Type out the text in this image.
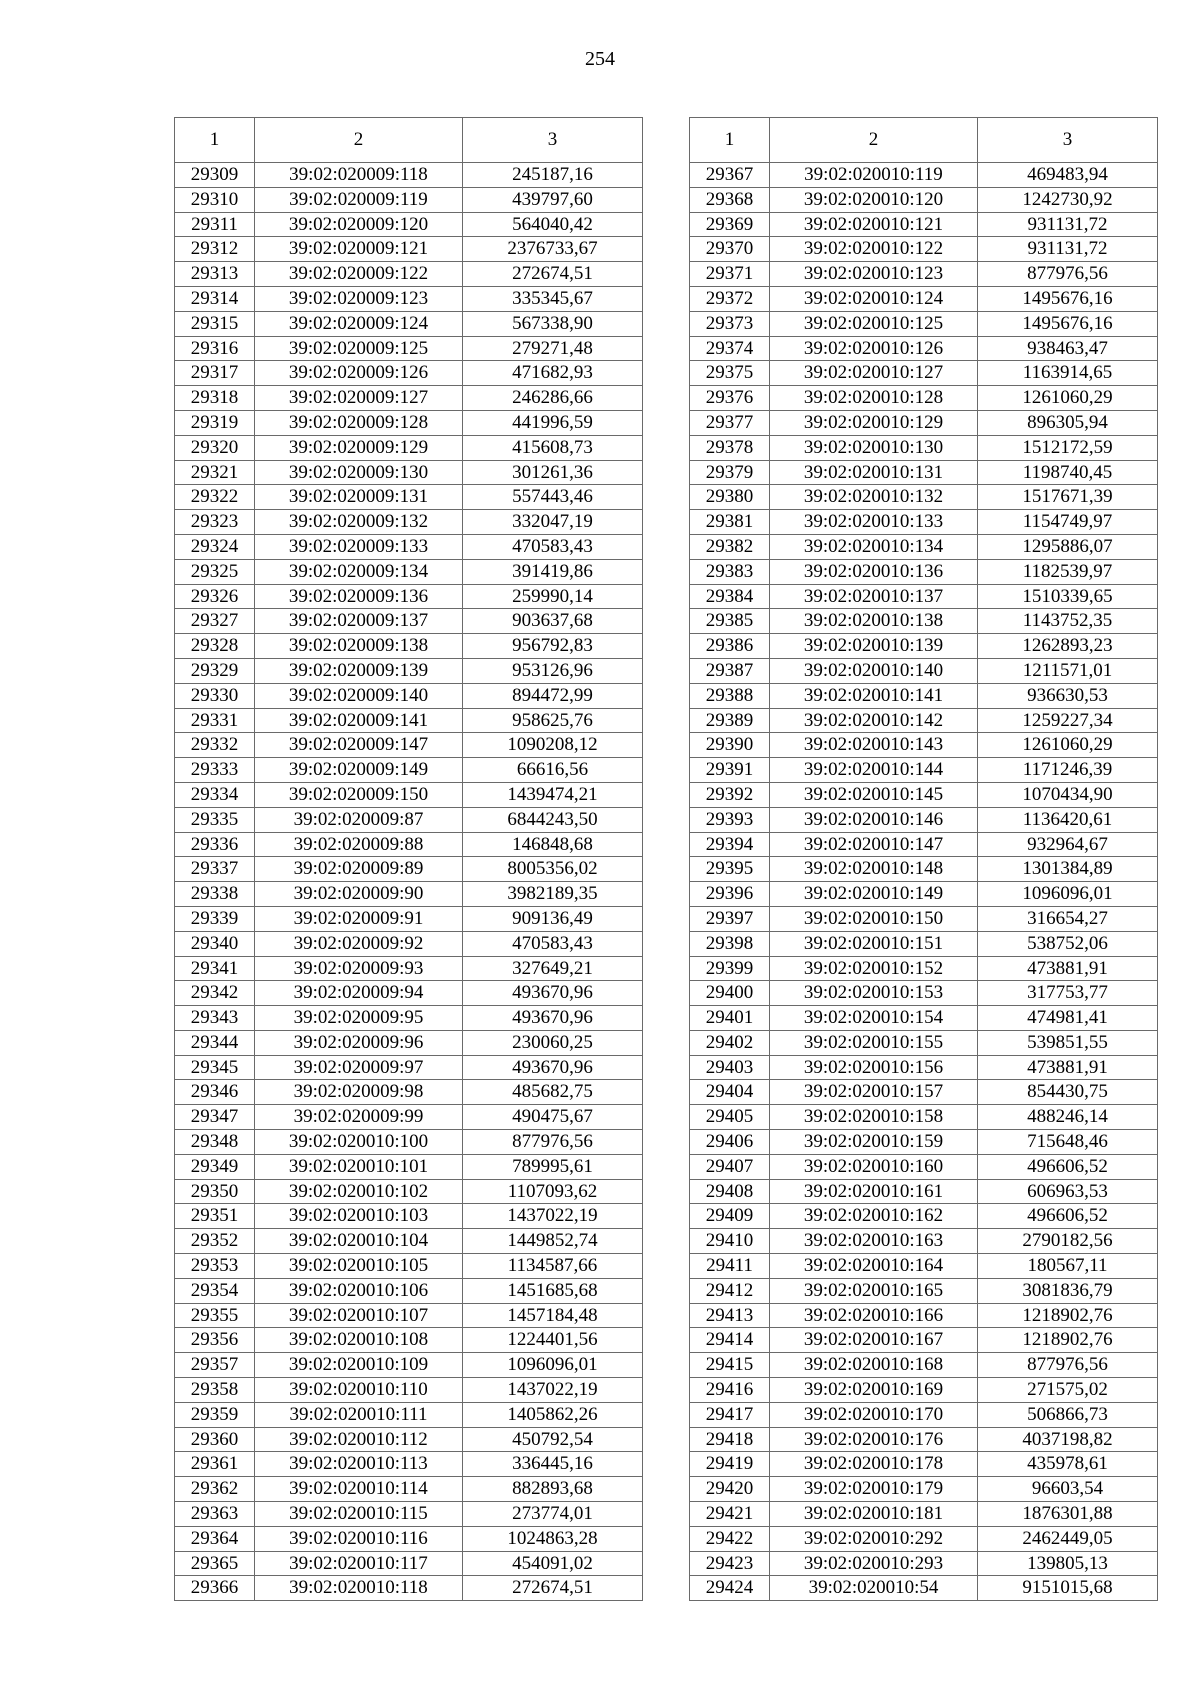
254
1	2	3
29309	39:02:020009:118	245187,16
29310	39:02:020009:119	439797,60
29311	39:02:020009:120	564040,42
29312	39:02:020009:121	2376733,67
29313	39:02:020009:122	272674,51
29314	39:02:020009:123	335345,67
29315	39:02:020009:124	567338,90
29316	39:02:020009:125	279271,48
29317	39:02:020009:126	471682,93
29318	39:02:020009:127	246286,66
29319	39:02:020009:128	441996,59
29320	39:02:020009:129	415608,73
29321	39:02:020009:130	301261,36
29322	39:02:020009:131	557443,46
29323	39:02:020009:132	332047,19
29324	39:02:020009:133	470583,43
29325	39:02:020009:134	391419,86
29326	39:02:020009:136	259990,14
29327	39:02:020009:137	903637,68
29328	39:02:020009:138	956792,83
29329	39:02:020009:139	953126,96
29330	39:02:020009:140	894472,99
29331	39:02:020009:141	958625,76
29332	39:02:020009:147	1090208,12
29333	39:02:020009:149	66616,56
29334	39:02:020009:150	1439474,21
29335	39:02:020009:87	6844243,50
29336	39:02:020009:88	146848,68
29337	39:02:020009:89	8005356,02
29338	39:02:020009:90	3982189,35
29339	39:02:020009:91	909136,49
29340	39:02:020009:92	470583,43
29341	39:02:020009:93	327649,21
29342	39:02:020009:94	493670,96
29343	39:02:020009:95	493670,96
29344	39:02:020009:96	230060,25
29345	39:02:020009:97	493670,96
29346	39:02:020009:98	485682,75
29347	39:02:020009:99	490475,67
29348	39:02:020010:100	877976,56
29349	39:02:020010:101	789995,61
29350	39:02:020010:102	1107093,62
29351	39:02:020010:103	1437022,19
29352	39:02:020010:104	1449852,74
29353	39:02:020010:105	1134587,66
29354	39:02:020010:106	1451685,68
29355	39:02:020010:107	1457184,48
29356	39:02:020010:108	1224401,56
29357	39:02:020010:109	1096096,01
29358	39:02:020010:110	1437022,19
29359	39:02:020010:111	1405862,26
29360	39:02:020010:112	450792,54
29361	39:02:020010:113	336445,16
29362	39:02:020010:114	882893,68
29363	39:02:020010:115	273774,01
29364	39:02:020010:116	1024863,28
29365	39:02:020010:117	454091,02
29366	39:02:020010:118	272674,51
1	2	3
29367	39:02:020010:119	469483,94
29368	39:02:020010:120	1242730,92
29369	39:02:020010:121	931131,72
29370	39:02:020010:122	931131,72
29371	39:02:020010:123	877976,56
29372	39:02:020010:124	1495676,16
29373	39:02:020010:125	1495676,16
29374	39:02:020010:126	938463,47
29375	39:02:020010:127	1163914,65
29376	39:02:020010:128	1261060,29
29377	39:02:020010:129	896305,94
29378	39:02:020010:130	1512172,59
29379	39:02:020010:131	1198740,45
29380	39:02:020010:132	1517671,39
29381	39:02:020010:133	1154749,97
29382	39:02:020010:134	1295886,07
29383	39:02:020010:136	1182539,97
29384	39:02:020010:137	1510339,65
29385	39:02:020010:138	1143752,35
29386	39:02:020010:139	1262893,23
29387	39:02:020010:140	1211571,01
29388	39:02:020010:141	936630,53
29389	39:02:020010:142	1259227,34
29390	39:02:020010:143	1261060,29
29391	39:02:020010:144	1171246,39
29392	39:02:020010:145	1070434,90
29393	39:02:020010:146	1136420,61
29394	39:02:020010:147	932964,67
29395	39:02:020010:148	1301384,89
29396	39:02:020010:149	1096096,01
29397	39:02:020010:150	316654,27
29398	39:02:020010:151	538752,06
29399	39:02:020010:152	473881,91
29400	39:02:020010:153	317753,77
29401	39:02:020010:154	474981,41
29402	39:02:020010:155	539851,55
29403	39:02:020010:156	473881,91
29404	39:02:020010:157	854430,75
29405	39:02:020010:158	488246,14
29406	39:02:020010:159	715648,46
29407	39:02:020010:160	496606,52
29408	39:02:020010:161	606963,53
29409	39:02:020010:162	496606,52
29410	39:02:020010:163	2790182,56
29411	39:02:020010:164	180567,11
29412	39:02:020010:165	3081836,79
29413	39:02:020010:166	1218902,76
29414	39:02:020010:167	1218902,76
29415	39:02:020010:168	877976,56
29416	39:02:020010:169	271575,02
29417	39:02:020010:170	506866,73
29418	39:02:020010:176	4037198,82
29419	39:02:020010:178	435978,61
29420	39:02:020010:179	96603,54
29421	39:02:020010:181	1876301,88
29422	39:02:020010:292	2462449,05
29423	39:02:020010:293	139805,13
29424	39:02:020010:54	9151015,68
